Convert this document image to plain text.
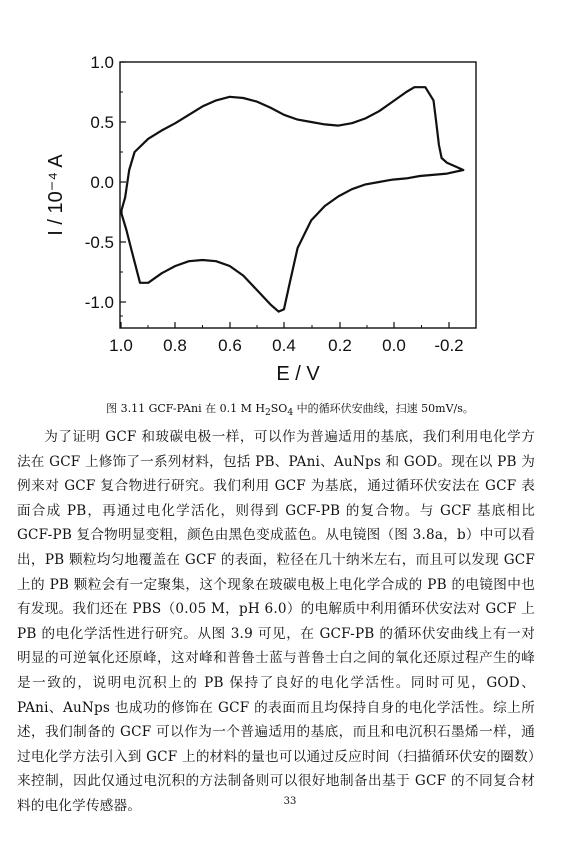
1.0 0.8 0.6 0.4 0.2 0.0 -0.2
1.0
0.5
0.0
-0.5
-1.0
E / V
I / 10⁻⁴ A
图 3.11 GCF-PAni 在 0.1 M $H_2SO_4$ 中的循环伏安曲线，扫速 50mV/s。

为了证明 GCF 和玻碳电极一样，可以作为普遍适用的基底，我们利用电化学方法在 GCF 上修饰了一系列材料，包括 PB、PAni、AuNps 和 GOD。现在以 PB 为例来对 GCF 复合物进行研究。我们利用 GCF 为基底，通过循环伏安法在 GCF 表面合成 PB，再通过电化学活化，则得到 GCF-PB 的复合物。与 GCF 基底相比 GCF-PB 复合物明显变粗，颜色由黑色变成蓝色。从电镜图（图 3.8a，b）中可以看出，PB 颗粒均匀地覆盖在 GCF 的表面，粒径在几十纳米左右，而且可以发现 GCF 上的 PB 颗粒会有一定聚集，这个现象在玻碳电极上电化学合成的 PB 的电镜图中也有发现。我们还在 PBS（0.05 M，pH 6.0）的电解质中利用循环伏安法对 GCF 上 PB 的电化学活性进行研究。从图 3.9 可见，在 GCF-PB 的循环伏安曲线上有一对明显的可逆氧化还原峰，这对峰和普鲁士蓝与普鲁士白之间的氧化还原过程产生的峰是一致的，说明电沉积上的 PB 保持了良好的电化学活性。同时可见，GOD、PAni、AuNps 也成功的修饰在 GCF 的表面而且均保持自身的电化学活性。综上所述，我们制备的 GCF 可以作为一个普遍适用的基底，而且和电沉积石墨烯一样，通过电化学方法引入到 GCF 上的材料的量也可以通过反应时间（扫描循环伏安的圈数）来控制，因此仅通过电沉积的方法制备则可以很好地制备出基于 GCF 的不同复合材料的电化学传感器。	33
